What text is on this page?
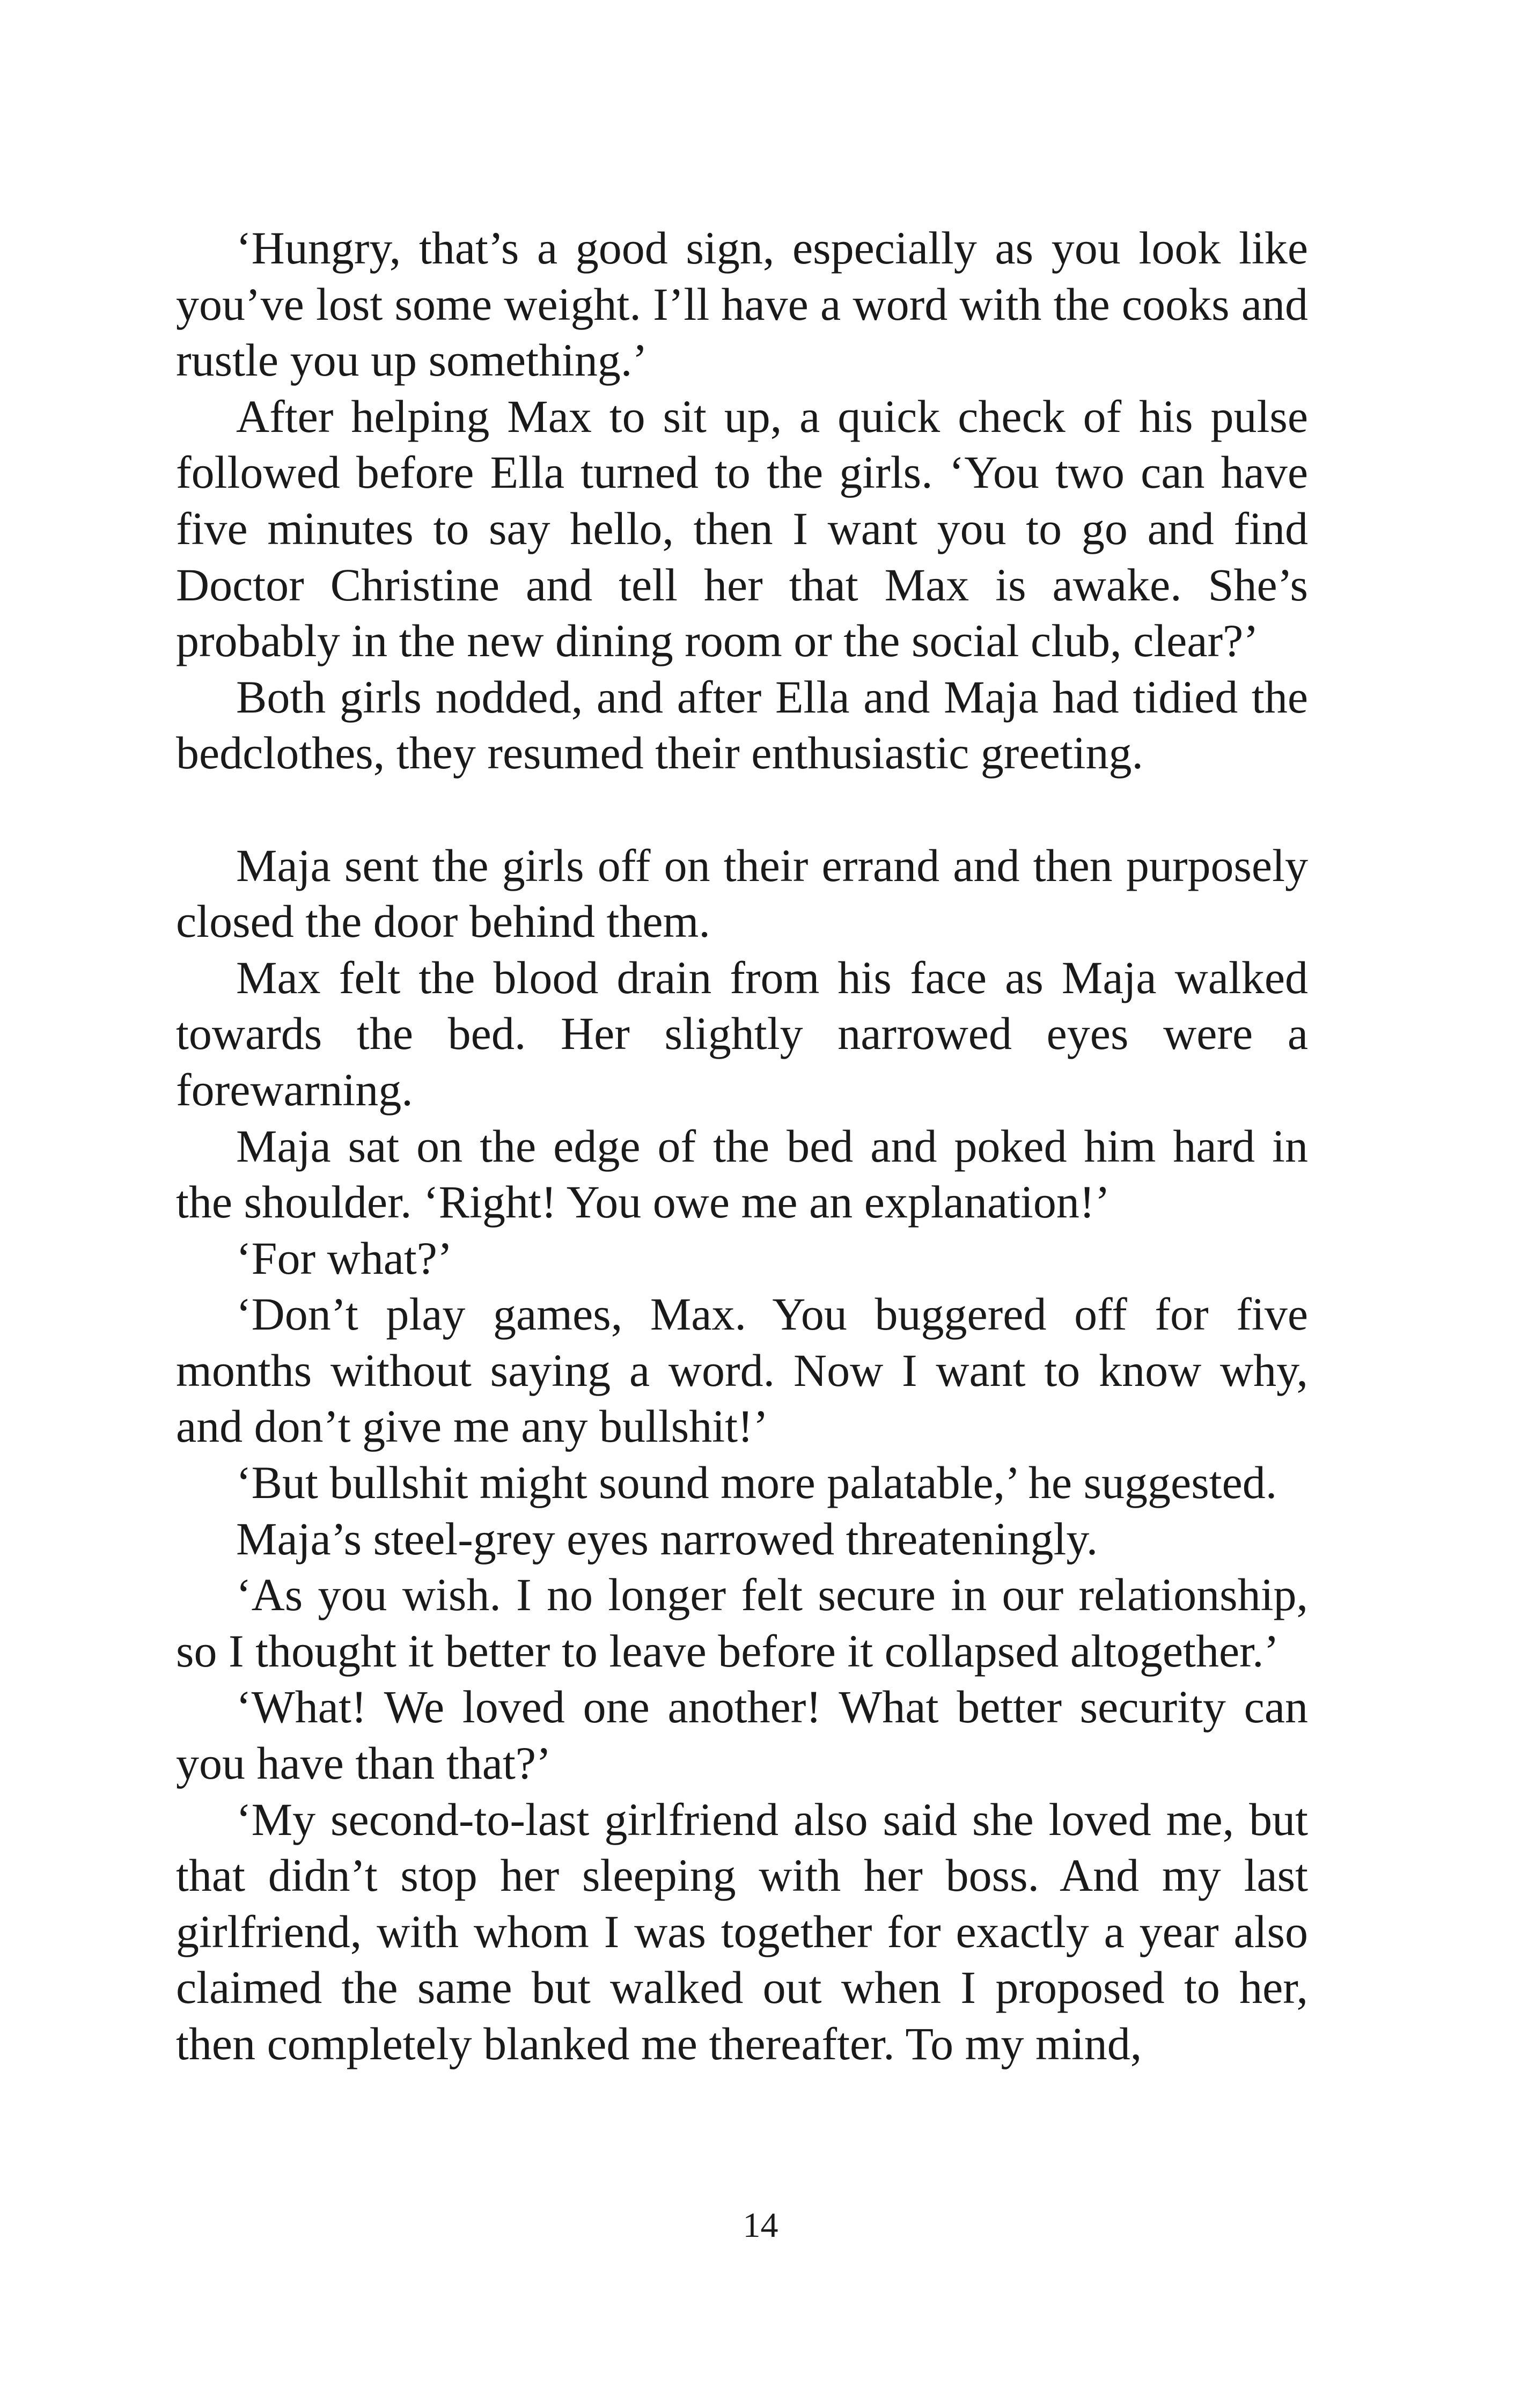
‘Hungry, that’s a good sign, especially as you look like you’ve lost some weight. I’ll have a word with the cooks and rustle you up something.’

After helping Max to sit up, a quick check of his pulse followed before Ella turned to the girls. ‘You two can have five minutes to say hello, then I want you to go and find Doctor Christine and tell her that Max is awake. She’s probably in the new dining room or the social club, clear?’

Both girls nodded, and after Ella and Maja had tidied the bedclothes, they resumed their enthusiastic greeting.

Maja sent the girls off on their errand and then purposely closed the door behind them.

Max felt the blood drain from his face as Maja walked towards the bed. Her slightly narrowed eyes were a forewarning.

Maja sat on the edge of the bed and poked him hard in the shoulder. ‘Right! You owe me an explanation!’

‘For what?’

‘Don’t play games, Max. You buggered off for five months without saying a word. Now I want to know why, and don’t give me any bullshit!’

‘But bullshit might sound more palatable,’ he suggested.

Maja’s steel-grey eyes narrowed threateningly.

‘As you wish. I no longer felt secure in our relationship, so I thought it better to leave before it collapsed altogether.’

‘What! We loved one another! What better security can you have than that?’

‘My second-to-last girlfriend also said she loved me, but that didn’t stop her sleeping with her boss. And my last girlfriend, with whom I was together for exactly a year also claimed the same but walked out when I proposed to her, then completely blanked me thereafter. To my mind,

14
